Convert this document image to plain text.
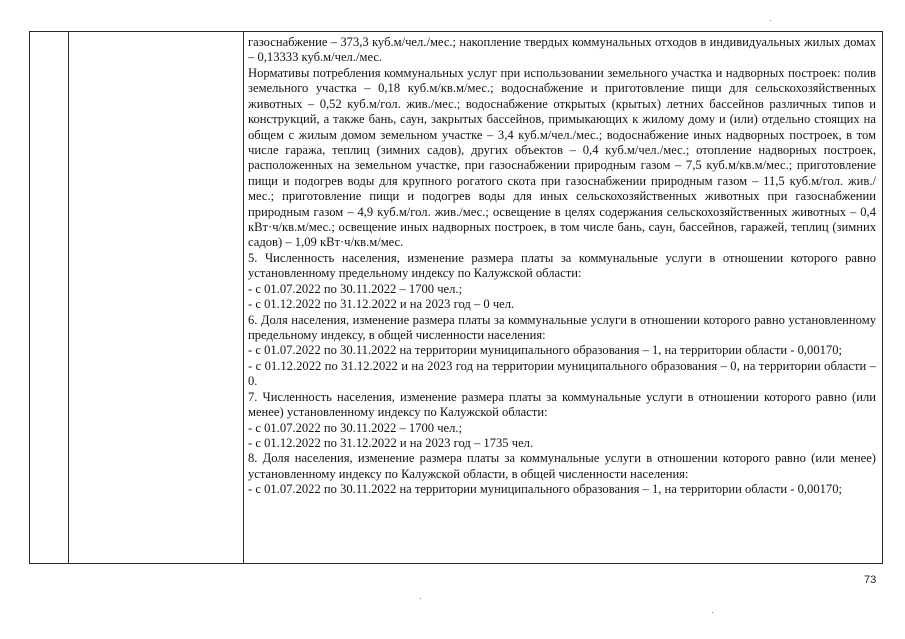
газоснабжение – 373,3 куб.м/чел./мес.; накопление твердых коммунальных отходов в индивидуальных жилых домах – 0,13333 куб.м/чел./мес.

Нормативы потребления коммунальных услуг при использовании земельного участка и надворных построек: полив земельного участка – 0,18 куб.м/кв.м/мес.; водоснабжение и приготовление пищи для сельскохозяйственных животных – 0,52 куб.м/гол. жив./мес.; водоснабжение открытых (крытых) летних бассейнов различных типов и конструкций, а также бань, саун, закрытых бассейнов, примыкающих к жилому дому и (или) отдельно стоящих на общем с жилым домом земельном участке – 3,4 куб.м/чел./мес.; водоснабжение иных надворных построек, в том числе гаража, теплиц (зимних садов), других объектов – 0,4 куб.м/чел./мес.; отопление надворных построек, расположенных на земельном участке, при газоснабжении природным газом – 7,5 куб.м/кв.м/мес.; приготовление пищи и подогрев воды для крупного рогатого скота при газоснабжении природным газом – 11,5 куб.м/гол. жив./мес.; приготовление пищи и подогрев воды для иных сельскохозяйственных животных при газоснабжении природным газом – 4,9 куб.м/гол. жив./мес.; освещение в целях содержания сельскохозяйственных животных – 0,4 кВт·ч/кв.м/мес.; освещение иных надворных построек, в том числе бань, саун, бассейнов, гаражей, теплиц (зимних садов) – 1,09 кВт·ч/кв.м/мес.

5. Численность населения, изменение размера платы за коммунальные услуги в отношении которого равно установленному предельному индексу по Калужской области:

- с 01.07.2022 по 30.11.2022 – 1700 чел.;

- с 01.12.2022 по 31.12.2022 и на 2023 год – 0 чел.

6. Доля населения, изменение размера платы за коммунальные услуги в отношении которого равно установленному предельному индексу, в общей численности населения:

- с 01.07.2022 по 30.11.2022 на территории муниципального образования – 1, на территории области - 0,00170;

- с 01.12.2022 по 31.12.2022 и на 2023 год на территории муниципального образования – 0, на территории области – 0.

7. Численность населения, изменение размера платы за коммунальные услуги в отношении которого равно (или менее) установленному индексу по Калужской области:

- с 01.07.2022 по 30.11.2022 – 1700 чел.;

- с 01.12.2022 по 31.12.2022 и на 2023 год – 1735 чел.

8. Доля населения, изменение размера платы за коммунальные услуги в отношении которого равно (или менее) установленному индексу по Калужской области, в общей численности населения:

- с 01.07.2022 по 30.11.2022 на территории муниципального образования – 1, на территории области - 0,00170;

73
